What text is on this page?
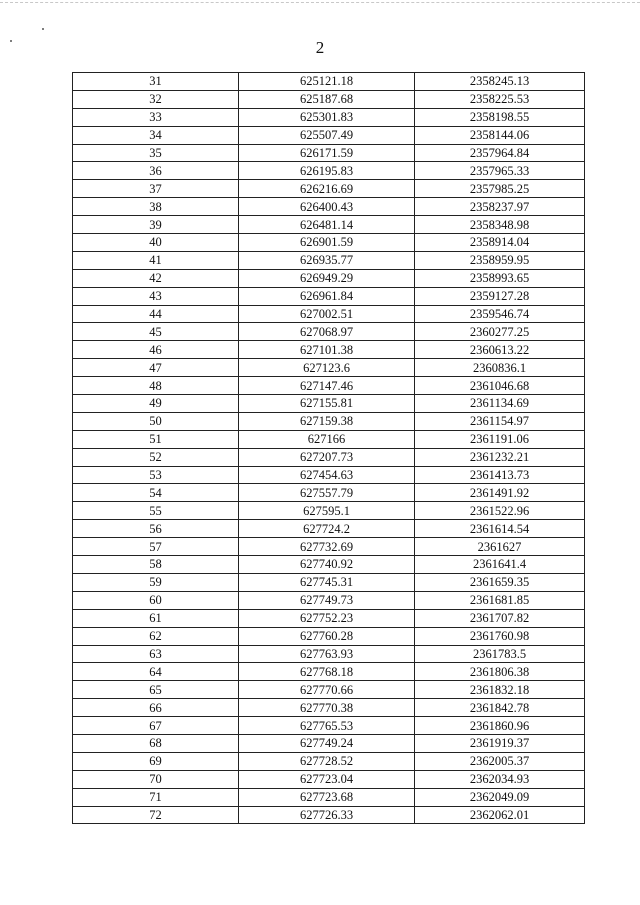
2
31	625121.18	2358245.13
32	625187.68	2358225.53
33	625301.83	2358198.55
34	625507.49	2358144.06
35	626171.59	2357964.84
36	626195.83	2357965.33
37	626216.69	2357985.25
38	626400.43	2358237.97
39	626481.14	2358348.98
40	626901.59	2358914.04
41	626935.77	2358959.95
42	626949.29	2358993.65
43	626961.84	2359127.28
44	627002.51	2359546.74
45	627068.97	2360277.25
46	627101.38	2360613.22
47	627123.6	2360836.1
48	627147.46	2361046.68
49	627155.81	2361134.69
50	627159.38	2361154.97
51	627166	2361191.06
52	627207.73	2361232.21
53	627454.63	2361413.73
54	627557.79	2361491.92
55	627595.1	2361522.96
56	627724.2	2361614.54
57	627732.69	2361627
58	627740.92	2361641.4
59	627745.31	2361659.35
60	627749.73	2361681.85
61	627752.23	2361707.82
62	627760.28	2361760.98
63	627763.93	2361783.5
64	627768.18	2361806.38
65	627770.66	2361832.18
66	627770.38	2361842.78
67	627765.53	2361860.96
68	627749.24	2361919.37
69	627728.52	2362005.37
70	627723.04	2362034.93
71	627723.68	2362049.09
72	627726.33	2362062.01
